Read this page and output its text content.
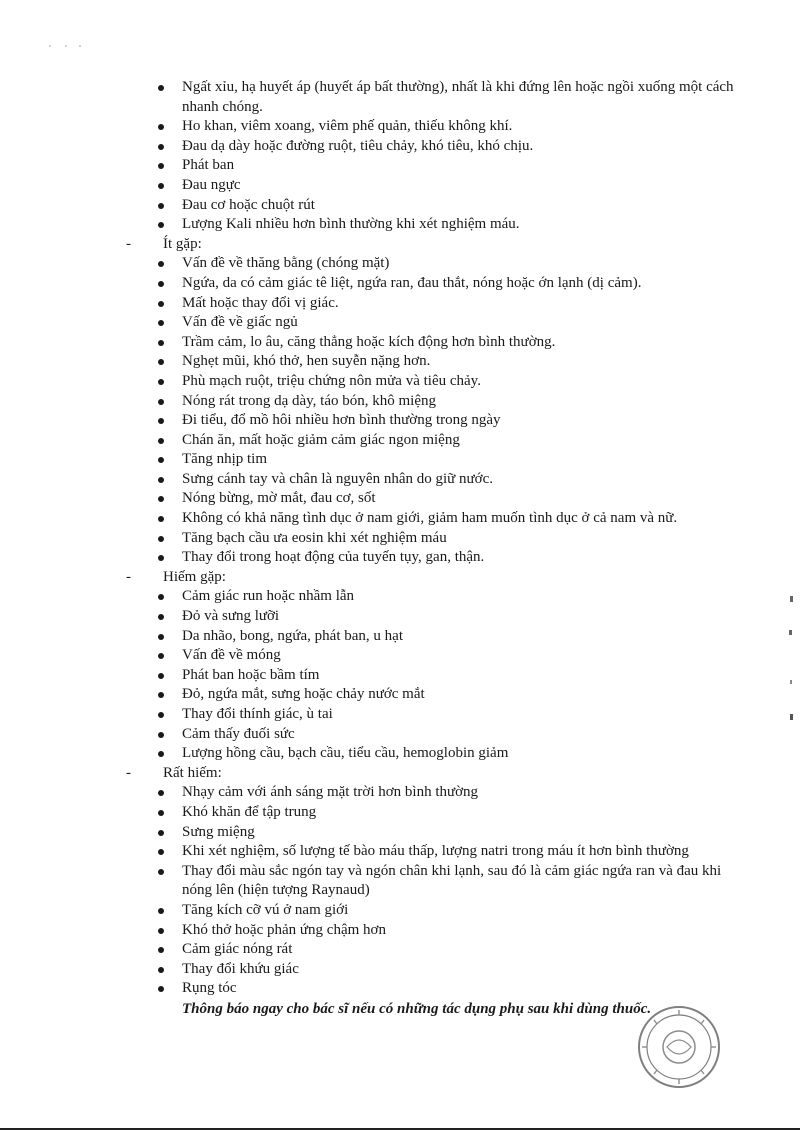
Ngất xỉu, hạ huyết áp (huyết áp bất thường), nhất là khi đứng lên hoặc ngồi xuống một cách nhanh chóng.
Ho khan, viêm xoang, viêm phế quản, thiếu không khí.
Đau dạ dày hoặc đường ruột, tiêu chảy, khó tiêu, khó chịu.
Phát ban
Đau ngực
Đau cơ hoặc chuột rút
Lượng Kali nhiều hơn bình thường khi xét nghiệm máu.
- Ít gặp:
Vấn đề về thăng bằng (chóng mặt)
Ngứa, da có cảm giác tê liệt, ngứa ran, đau thắt, nóng hoặc ớn lạnh (dị cảm).
Mất hoặc thay đổi vị giác.
Vấn đề về giấc ngủ
Trầm cảm, lo âu, căng thẳng hoặc kích động hơn bình thường.
Nghẹt mũi, khó thở, hen suyễn nặng hơn.
Phù mạch ruột, triệu chứng nôn mửa và tiêu chảy.
Nóng rát trong dạ dày, táo bón, khô miệng
Đi tiểu, đổ mồ hôi nhiều hơn bình thường trong ngày
Chán ăn, mất hoặc giảm cảm giác ngon miệng
Tăng nhịp tim
Sưng cánh tay và chân là nguyên nhân do giữ nước.
Nóng bừng, mờ mắt, đau cơ, sốt
Không có khả năng tình dục ở nam giới, giảm ham muốn tình dục ở cả nam và nữ.
Tăng bạch cầu ưa eosin khi xét nghiệm máu
Thay đổi trong hoạt động của tuyến tụy, gan, thận.
- Hiếm gặp:
Cảm giác run hoặc nhầm lẫn
Đỏ và sưng lưỡi
Da nhão, bong, ngứa, phát ban, u hạt
Vấn đề về móng
Phát ban hoặc bầm tím
Đỏ, ngứa mắt, sưng hoặc chảy nước mắt
Thay đổi thính giác, ù tai
Cảm thấy đuối sức
Lượng hồng cầu, bạch cầu, tiểu cầu, hemoglobin giảm
- Rất hiếm:
Nhạy cảm với ánh sáng mặt trời hơn bình thường
Khó khăn để tập trung
Sưng miệng
Khi xét nghiệm, số lượng tế bào máu thấp, lượng natri trong máu ít hơn bình thường
Thay đổi màu sắc ngón tay và ngón chân khi lạnh, sau đó là cảm giác ngứa ran và đau khi nóng lên (hiện tượng Raynaud)
Tăng kích cỡ vú ở nam giới
Khó thở hoặc phản ứng chậm hơn
Cảm giác nóng rát
Thay đổi khứu giác
Rụng tóc
Thông báo ngay cho bác sĩ nếu có những tác dụng phụ sau khi dùng thuốc.
